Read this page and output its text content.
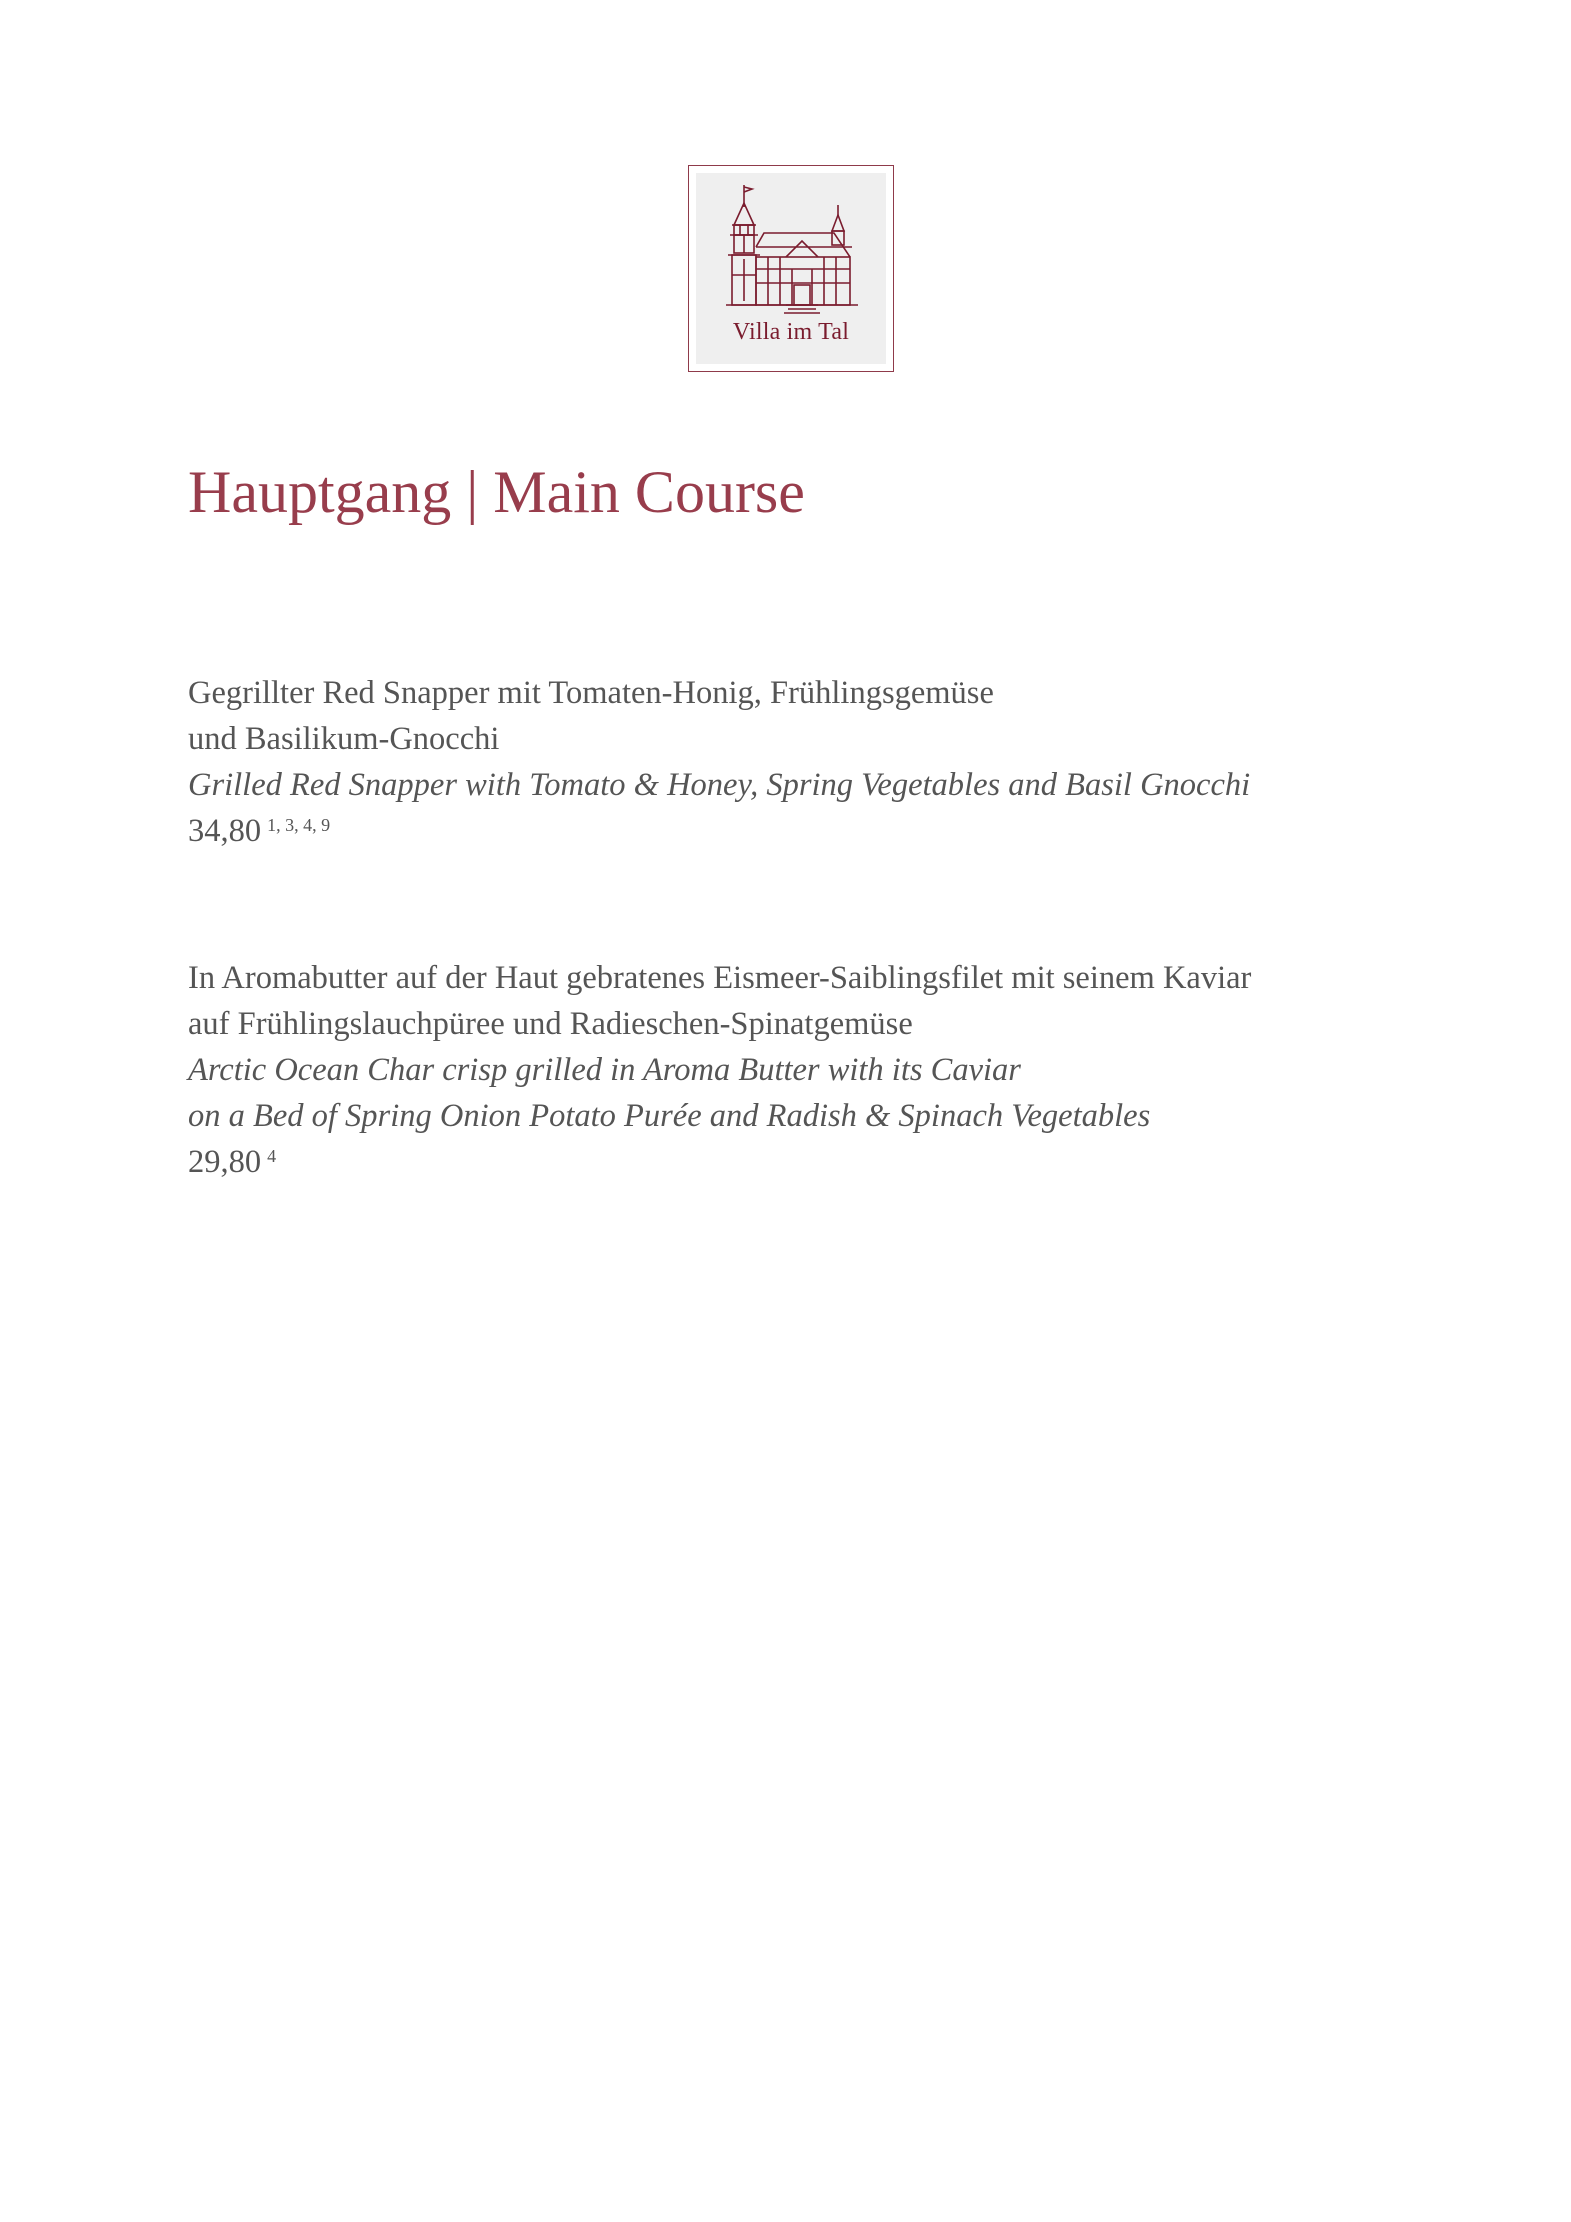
Villa im Tal
Hauptgang | Main Course
Gegrillter Red Snapper mit Tomaten-Honig, Frühlingsgemüse
und Basilikum-Gnocchi
Grilled Red Snapper with Tomato & Honey, Spring Vegetables and Basil Gnocchi
34,80 $^{1, 3, 4, 9}$
In Aromabutter auf der Haut gebratenes Eismeer-Saiblingsfilet mit seinem Kaviar
auf Frühlingslauchpüree und Radieschen-Spinatgemüse
Arctic Ocean Char crisp grilled in Aroma Butter with its Caviar
on a Bed of Spring Onion Potato Purée and Radish & Spinach Vegetables
29,80 $^4$
